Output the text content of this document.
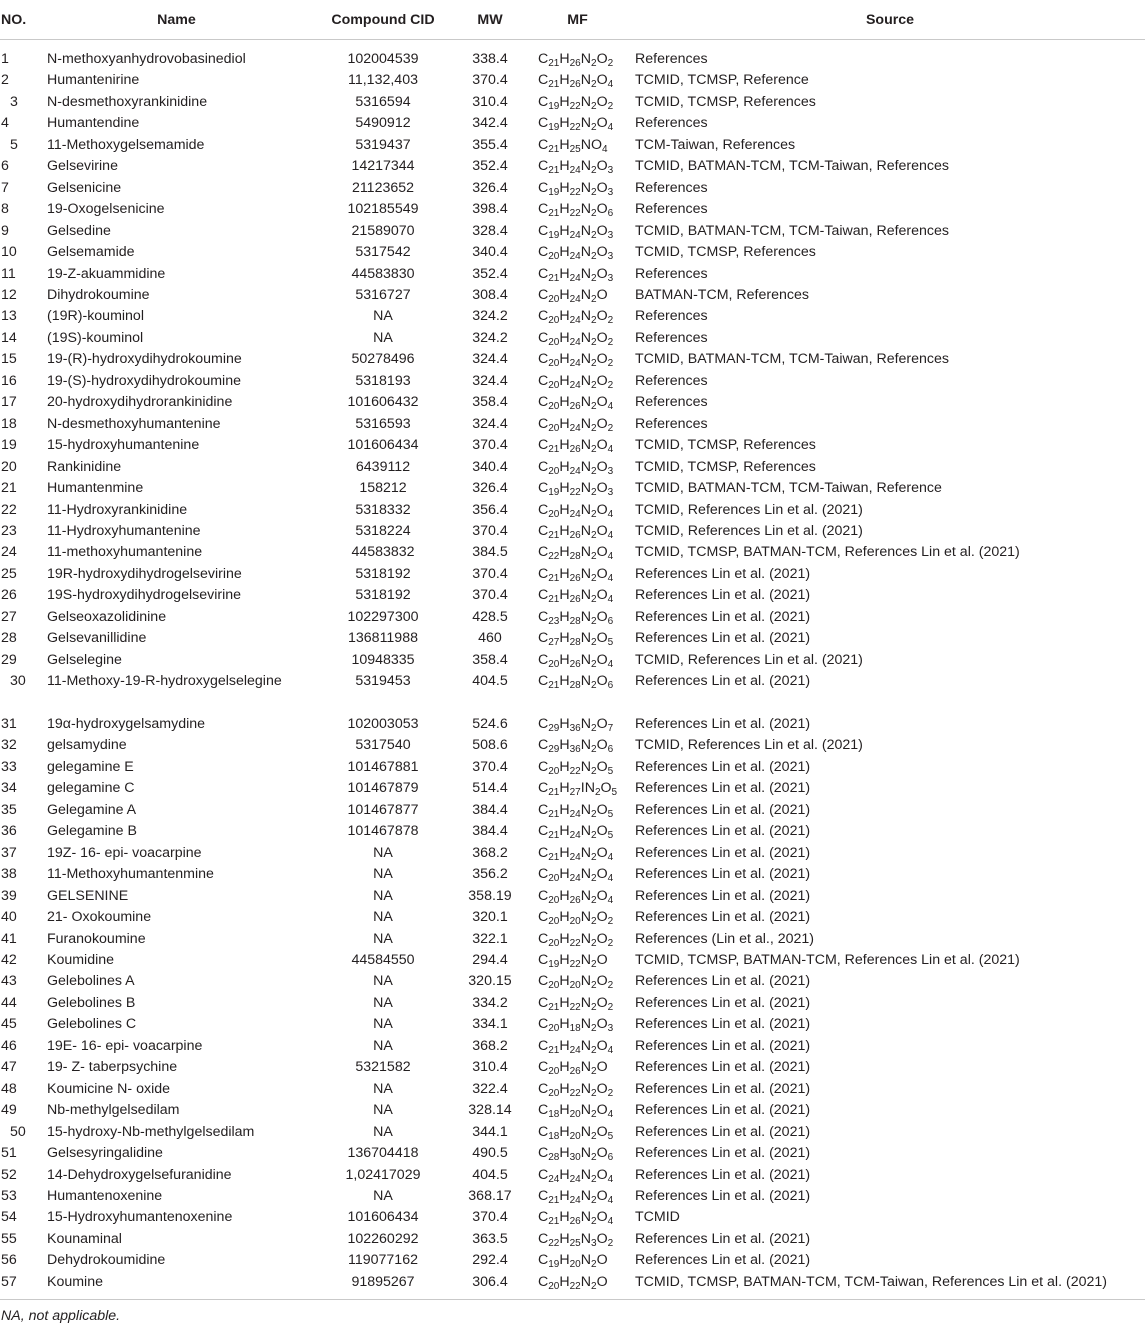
NO.	Name	Compound CID	MW	MF	Source
1	N-methoxyanhydrovobasinediol	102004539	338.4	$C_{21}H_{26}N_2O_2$	References
2	Humantenirine	11,132,403	370.4	$C_{21}H_{26}N_2O_4$	TCMID, TCMSP, Reference
3	N-desmethoxyrankinidine	5316594	310.4	$C_{19}H_{22}N_2O_2$	TCMID, TCMSP, References
4	Humantendine	5490912	342.4	$C_{19}H_{22}N_2O_4$	References
5	11-Methoxygelsemamide	5319437	355.4	$C_{21}H_{25}NO_4$	TCM-Taiwan, References
6	Gelsevirine	14217344	352.4	$C_{21}H_{24}N_2O_3$	TCMID, BATMAN-TCM, TCM-Taiwan, References
7	Gelsenicine	21123652	326.4	$C_{19}H_{22}N_2O_3$	References
8	19-Oxogelsenicine	102185549	398.4	$C_{21}H_{22}N_2O_6$	References
9	Gelsedine	21589070	328.4	$C_{19}H_{24}N_2O_3$	TCMID, BATMAN-TCM, TCM-Taiwan, References
10	Gelsemamide	5317542	340.4	$C_{20}H_{24}N_2O_3$	TCMID, TCMSP, References
11	19-Z-akuammidine	44583830	352.4	$C_{21}H_{24}N_2O_3$	References
12	Dihydrokoumine	5316727	308.4	$C_{20}H_{24}N_2O$	BATMAN-TCM, References
13	(19R)-kouminol	NA	324.2	$C_{20}H_{24}N_2O_2$	References
14	(19S)-kouminol	NA	324.2	$C_{20}H_{24}N_2O_2$	References
15	19-(R)-hydroxydihydrokoumine	50278496	324.4	$C_{20}H_{24}N_2O_2$	TCMID, BATMAN-TCM, TCM-Taiwan, References
16	19-(S)-hydroxydihydrokoumine	5318193	324.4	$C_{20}H_{24}N_2O_2$	References
17	20-hydroxydihydrorankinidine	101606432	358.4	$C_{20}H_{26}N_2O_4$	References
18	N-desmethoxyhumantenine	5316593	324.4	$C_{20}H_{24}N_2O_2$	References
19	15-hydroxyhumantenine	101606434	370.4	$C_{21}H_{26}N_2O_4$	TCMID, TCMSP, References
20	Rankinidine	6439112	340.4	$C_{20}H_{24}N_2O_3$	TCMID, TCMSP, References
21	Humantenmine	158212	326.4	$C_{19}H_{22}N_2O_3$	TCMID, BATMAN-TCM, TCM-Taiwan, Reference
22	11-Hydroxyrankinidine	5318332	356.4	$C_{20}H_{24}N_2O_4$	TCMID, References Lin et al. (2021)
23	11-Hydroxyhumantenine	5318224	370.4	$C_{21}H_{26}N_2O_4$	TCMID, References Lin et al. (2021)
24	11-methoxyhumantenine	44583832	384.5	$C_{22}H_{28}N_2O_4$	TCMID, TCMSP, BATMAN-TCM, References Lin et al. (2021)
25	19R-hydroxydihydrogelsevirine	5318192	370.4	$C_{21}H_{26}N_2O_4$	References Lin et al. (2021)
26	19S-hydroxydihydrogelsevirine	5318192	370.4	$C_{21}H_{26}N_2O_4$	References Lin et al. (2021)
27	Gelseoxazolidinine	102297300	428.5	$C_{23}H_{28}N_2O_6$	References Lin et al. (2021)
28	Gelsevanillidine	136811988	460	$C_{27}H_{28}N_2O_5$	References Lin et al. (2021)
29	Gelselegine	10948335	358.4	$C_{20}H_{26}N_2O_4$	TCMID, References Lin et al. (2021)
30	11-Methoxy-19-R-hydroxygelselegine	5319453	404.5	$C_{21}H_{28}N_2O_6$	References Lin et al. (2021)
31	19α-hydroxygelsamydine	102003053	524.6	$C_{29}H_{36}N_2O_7$	References Lin et al. (2021)
32	gelsamydine	5317540	508.6	$C_{29}H_{36}N_2O_6$	TCMID, References Lin et al. (2021)
33	gelegamine E	101467881	370.4	$C_{20}H_{22}N_2O_5$	References Lin et al. (2021)
34	gelegamine C	101467879	514.4	$C_{21}H_{27}IN_2O_5$	References Lin et al. (2021)
35	Gelegamine A	101467877	384.4	$C_{21}H_{24}N_2O_5$	References Lin et al. (2021)
36	Gelegamine B	101467878	384.4	$C_{21}H_{24}N_2O_5$	References Lin et al. (2021)
37	19Z- 16- epi- voacarpine	NA	368.2	$C_{21}H_{24}N_2O_4$	References Lin et al. (2021)
38	11-Methoxyhumantenmine	NA	356.2	$C_{20}H_{24}N_2O_4$	References Lin et al. (2021)
39	GELSENINE	NA	358.19	$C_{20}H_{26}N_2O_4$	References Lin et al. (2021)
40	21- Oxokoumine	NA	320.1	$C_{20}H_{20}N_2O_2$	References Lin et al. (2021)
41	Furanokoumine	NA	322.1	$C_{20}H_{22}N_2O_2$	References (Lin et al., 2021)
42	Koumidine	44584550	294.4	$C_{19}H_{22}N_2O$	TCMID, TCMSP, BATMAN-TCM, References Lin et al. (2021)
43	Gelebolines A	NA	320.15	$C_{20}H_{20}N_2O_2$	References Lin et al. (2021)
44	Gelebolines B	NA	334.2	$C_{21}H_{22}N_2O_2$	References Lin et al. (2021)
45	Gelebolines C	NA	334.1	$C_{20}H_{18}N_2O_3$	References Lin et al. (2021)
46	19E- 16- epi- voacarpine	NA	368.2	$C_{21}H_{24}N_2O_4$	References Lin et al. (2021)
47	19- Z- taberpsychine	5321582	310.4	$C_{20}H_{26}N_2O$	References Lin et al. (2021)
48	Koumicine N- oxide	NA	322.4	$C_{20}H_{22}N_2O_2$	References Lin et al. (2021)
49	Nb-methylgelsedilam	NA	328.14	$C_{18}H_{20}N_2O_4$	References Lin et al. (2021)
50	15-hydroxy-Nb-methylgelsedilam	NA	344.1	$C_{18}H_{20}N_2O_5$	References Lin et al. (2021)
51	Gelsesyringalidine	136704418	490.5	$C_{28}H_{30}N_2O_6$	References Lin et al. (2021)
52	14-Dehydroxygelsefuranidine	1,02417029	404.5	$C_{24}H_{24}N_2O_4$	References Lin et al. (2021)
53	Humantenoxenine	NA	368.17	$C_{21}H_{24}N_2O_4$	References Lin et al. (2021)
54	15-Hydroxyhumantenoxenine	101606434	370.4	$C_{21}H_{26}N_2O_4$	TCMID
55	Kounaminal	102260292	363.5	$C_{22}H_{25}N_3O_2$	References Lin et al. (2021)
56	Dehydrokoumidine	119077162	292.4	$C_{19}H_{20}N_2O$	References Lin et al. (2021)
57	Koumine	91895267	306.4	$C_{20}H_{22}N_2O$	TCMID, TCMSP, BATMAN-TCM, TCM-Taiwan, References Lin et al. (2021)
NA, not applicable.
